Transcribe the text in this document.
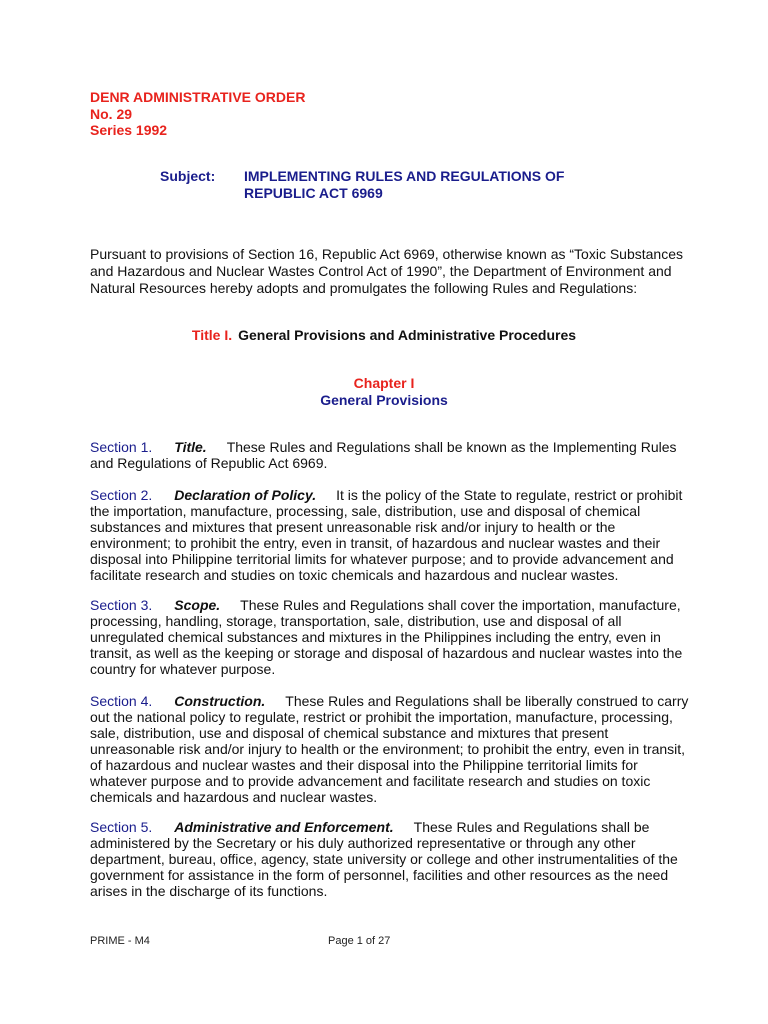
DENR ADMINISTRATIVE ORDER
No. 29
Series 1992
Subject: IMPLEMENTING RULES AND REGULATIONS OF
REPUBLIC ACT 6969
Pursuant to provisions of Section 16, Republic Act 6969, otherwise known as “Toxic Substances and Hazardous and Nuclear Wastes Control Act of 1990”, the Department of Environment and Natural Resources hereby adopts and promulgates the following Rules and Regulations:
Title I. General Provisions and Administrative Procedures
Chapter I
General Provisions
Section 1. Title. These Rules and Regulations shall be known as the Implementing Rules and Regulations of Republic Act 6969.
Section 2. Declaration of Policy. It is the policy of the State to regulate, restrict or prohibit the importation, manufacture, processing, sale, distribution, use and disposal of chemical substances and mixtures that present unreasonable risk and/or injury to health or the environment; to prohibit the entry, even in transit, of hazardous and nuclear wastes and their disposal into Philippine territorial limits for whatever purpose; and to provide advancement and facilitate research and studies on toxic chemicals and hazardous and nuclear wastes.
Section 3. Scope. These Rules and Regulations shall cover the importation, manufacture, processing, handling, storage, transportation, sale, distribution, use and disposal of all unregulated chemical substances and mixtures in the Philippines including the entry, even in transit, as well as the keeping or storage and disposal of hazardous and nuclear wastes into the country for whatever purpose.
Section 4. Construction. These Rules and Regulations shall be liberally construed to carry out the national policy to regulate, restrict or prohibit the importation, manufacture, processing, sale, distribution, use and disposal of chemical substance and mixtures that present unreasonable risk and/or injury to health or the environment; to prohibit the entry, even in transit, of hazardous and nuclear wastes and their disposal into the Philippine territorial limits for whatever purpose and to provide advancement and facilitate research and studies on toxic chemicals and hazardous and nuclear wastes.
Section 5. Administrative and Enforcement. These Rules and Regulations shall be administered by the Secretary or his duly authorized representative or through any other department, bureau, office, agency, state university or college and other instrumentalities of the government for assistance in the form of personnel, facilities and other resources as the need arises in the discharge of its functions.
PRIME - M4	Page 1 of 27
